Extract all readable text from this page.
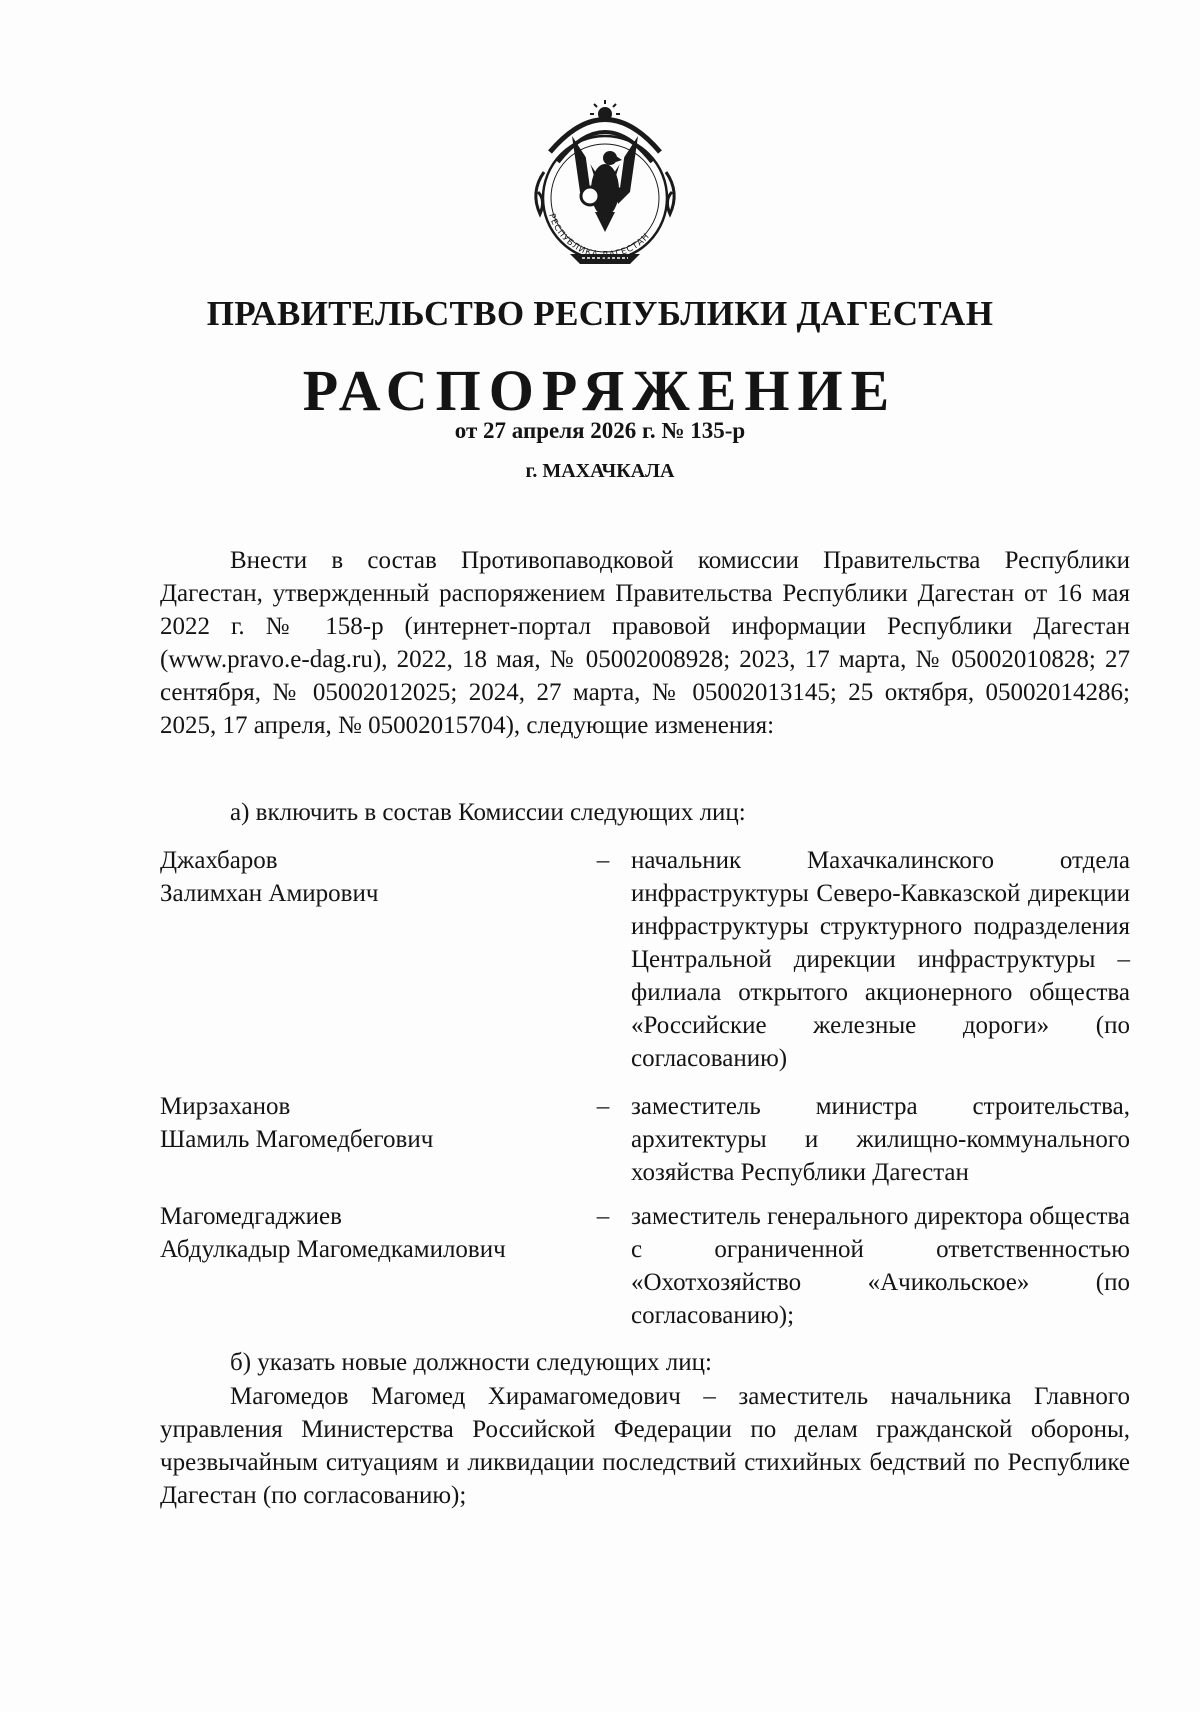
РЕСПУБЛИКА ДАГЕСТАН
ПРАВИТЕЛЬСТВО РЕСПУБЛИКИ ДАГЕСТАН
РАСПОРЯЖЕНИЕ
от 27 апреля 2026 г. № 135-р
г. МАХАЧКАЛА

Внести в состав Противопаводковой комиссии Правительства Республики Дагестан, утвержденный распоряжением Правительства Республики Дагестан от 16 мая 2022 г. № 158-р (интернет-портал правовой информации Республики Дагестан (www.pravo.e-dag.ru), 2022, 18 мая, № 05002008928; 2023, 17 марта, № 05002010828; 27 сентября, № 05002012025; 2024, 27 марта, № 05002013145; 25 октября, 05002014286; 2025, 17 апреля, № 05002015704), следующие изменения:

а) включить в состав Комиссии следующих лиц:

Джахбаров
Залимхан Амирович
– начальник Махачкалинского отдела инфраструктуры Северо-Кавказской дирекции инфраструктуры структурного подразделения Центральной дирекции инфраструктуры – филиала открытого акционерного общества «Российские железные дороги» (по согласованию)
Мирзаханов
Шамиль Магомедбегович
– заместитель министра строительства, архитектуры и жилищно-коммунального хозяйства Республики Дагестан
Магомедгаджиев
Абдулкадыр Магомедкамилович
– заместитель генерального директора общества с ограниченной ответственностью «Охотхозяйство «Ачикольское» (по согласованию);

б) указать новые должности следующих лиц:

Магомедов Магомед Хирамагомедович – заместитель начальника Главного управления Министерства Российской Федерации по делам гражданской обороны, чрезвычайным ситуациям и ликвидации последствий стихийных бедствий по Республике Дагестан (по согласованию);
